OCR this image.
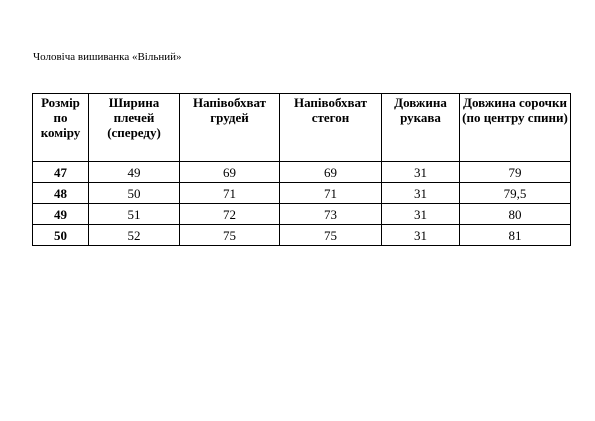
Чоловіча вишиванка «Вільний»
Розмір по коміру	Ширина плечей (спереду)	Напівобхват грудей	Напівобхват стегон	Довжина рукава	Довжина сорочки (по центру спини)
47	49	69	69	31	79
48	50	71	71	31	79,5
49	51	72	73	31	80
50	52	75	75	31	81
